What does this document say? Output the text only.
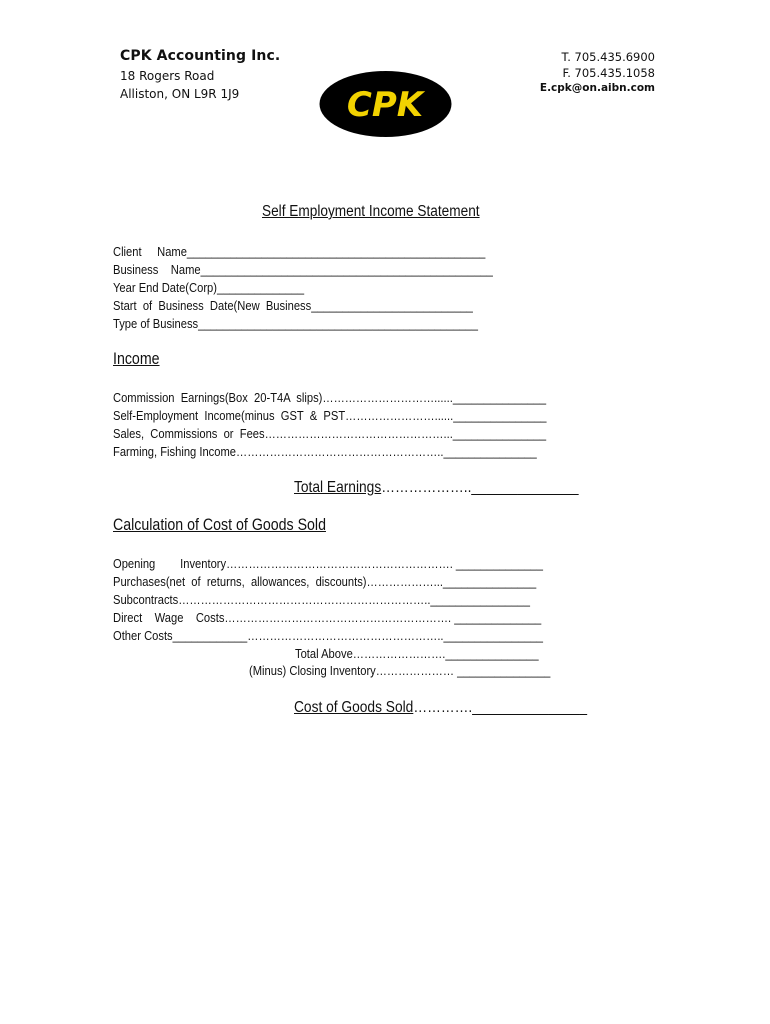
CPK Accounting Inc.
18 Rogers Road
Alliston, ON L9R 1J9
T. 705.435.6900
F. 705.435.1058
E.cpk@on.aibn.com
CPK
Self Employment Income Statement
Client     Name________________________________________________
Business    Name_______________________________________________
Year End Date(Corp)______________
Start  of  Business  Date(New  Business__________________________
Type of Business_____________________________________________
Income
Commission  Earnings(Box  20-T4A  slips)…………………………......_______________
Self-Employment  Income(minus  GST  &  PST……………………......_______________
Sales,  Commissions  or  Fees…………………………………………..._______________
Farming, Fishing Income……………………………………………….._______________
Total Earnings………………..______________
Calculation of Cost of Goods Sold
Opening        Inventory……………………………………………………. ______________
Purchases(net  of  returns,  allowances,  discounts)………………..._______________
Subcontracts…………………………………………………………..________________
Direct    Wage    Costs……………………………………………………. ______________
Other Costs____________……………………………………………..________________
Total Above……………………._______________
(Minus) Closing Inventory………………… _______________
Cost of Goods Sold…………._______________
